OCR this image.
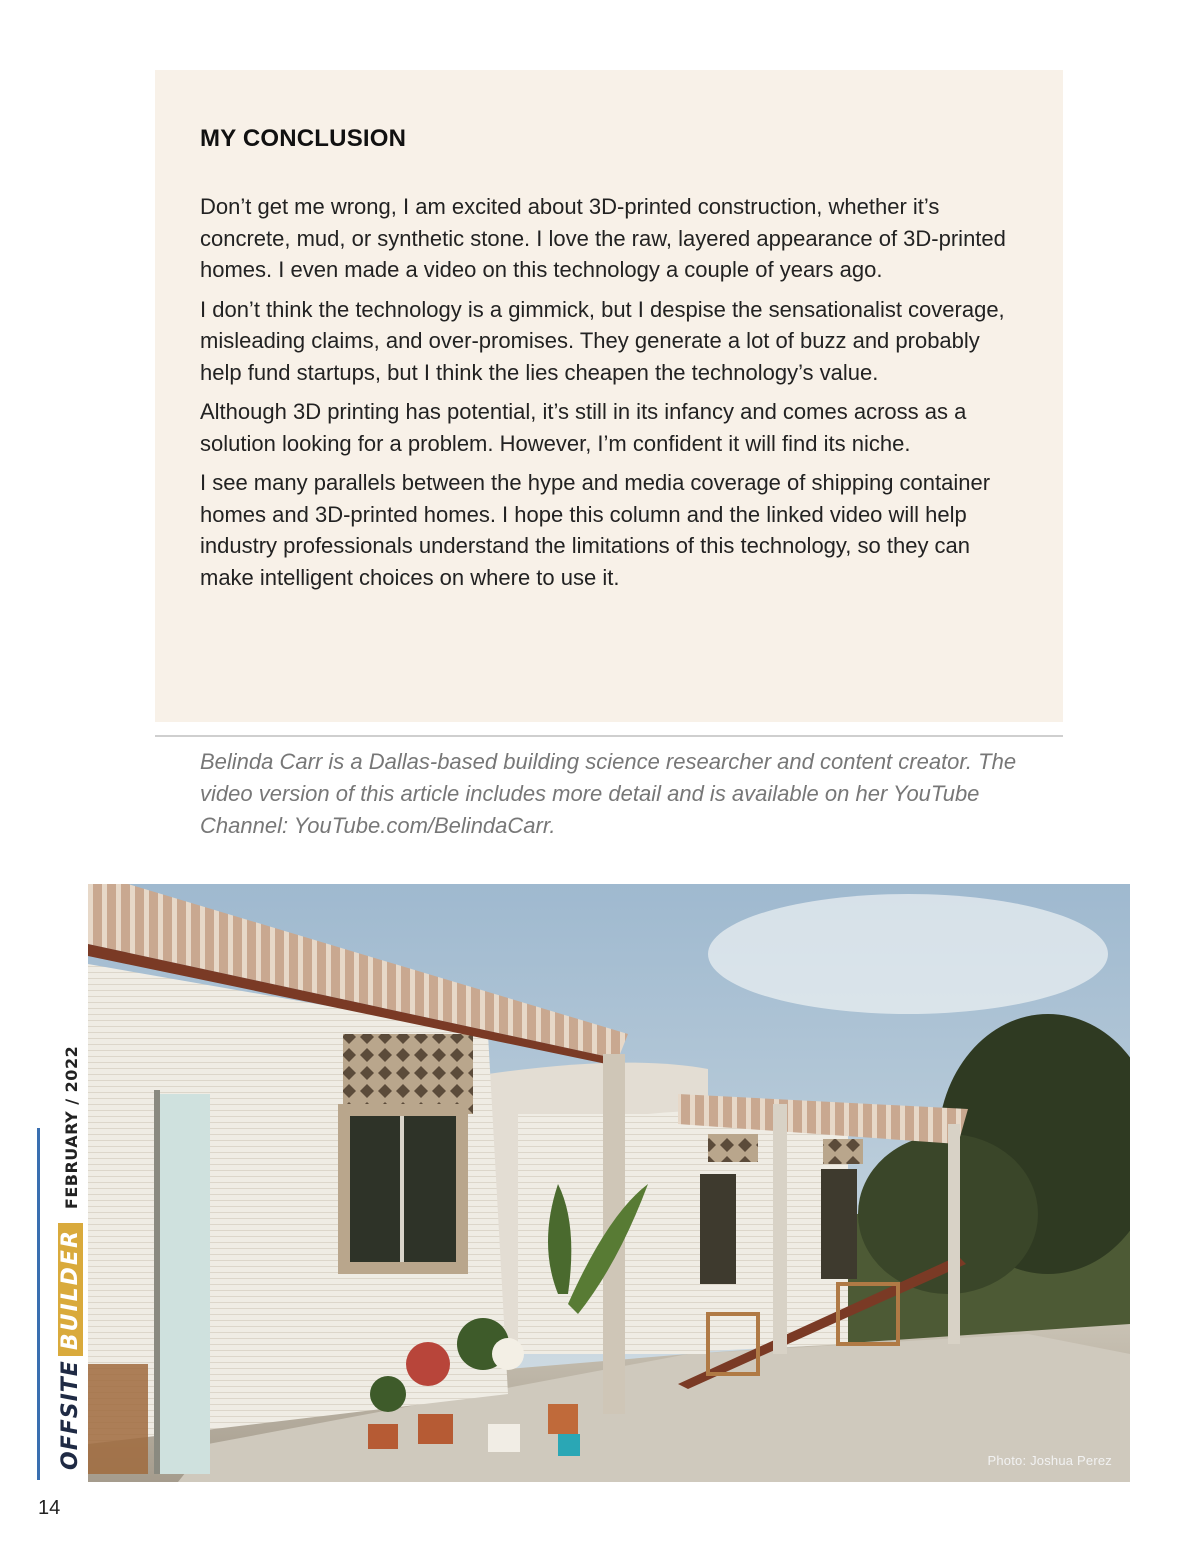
MY CONCLUSION

Don’t get me wrong, I am excited about 3D-printed construction, whether it’s concrete, mud, or synthetic stone. I love the raw, layered appearance of 3D-printed homes. I even made a video on this technology a couple of years ago.

I don’t think the technology is a gimmick, but I despise the sensationalist coverage, misleading claims, and over-promises. They generate a lot of buzz and probably help fund startups, but I think the lies cheapen the technology’s value.

Although 3D printing has potential, it’s still in its infancy and comes across as a solution looking for a problem. However, I’m confident it will find its niche.

I see many parallels between the hype and media coverage of shipping container homes and 3D-printed homes. I hope this column and the linked video will help industry professionals understand the limitations of this technology, so they can make intelligent choices on where to use it.

Belinda Carr is a Dallas-based building science researcher and content creator. The video version of this article includes more detail and is available on her YouTube Channel: YouTube.com/BelindaCarr.
Photo: Joshua Perez
OFFSITEBUILDERFEBRUARY / 2022
14
